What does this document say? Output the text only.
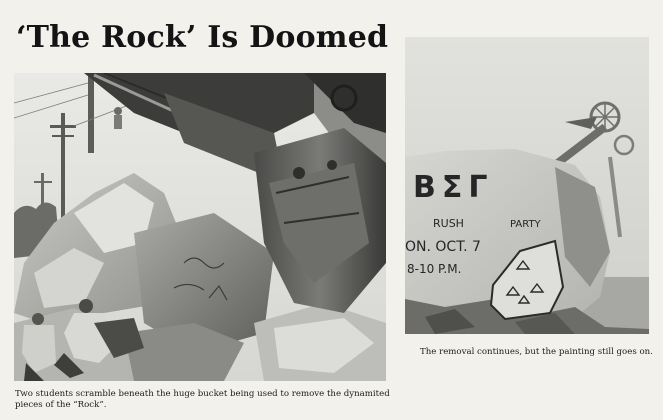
‘The Rock’ Is Doomed
ΒΣΓ
RUSH	PARTY
ON. OCT. 7
8-10 P.M.

The removal continues, but the painting still goes on.

Two students scramble beneath the huge bucket being used to remove the dynamited pieces of the “Rock”.
